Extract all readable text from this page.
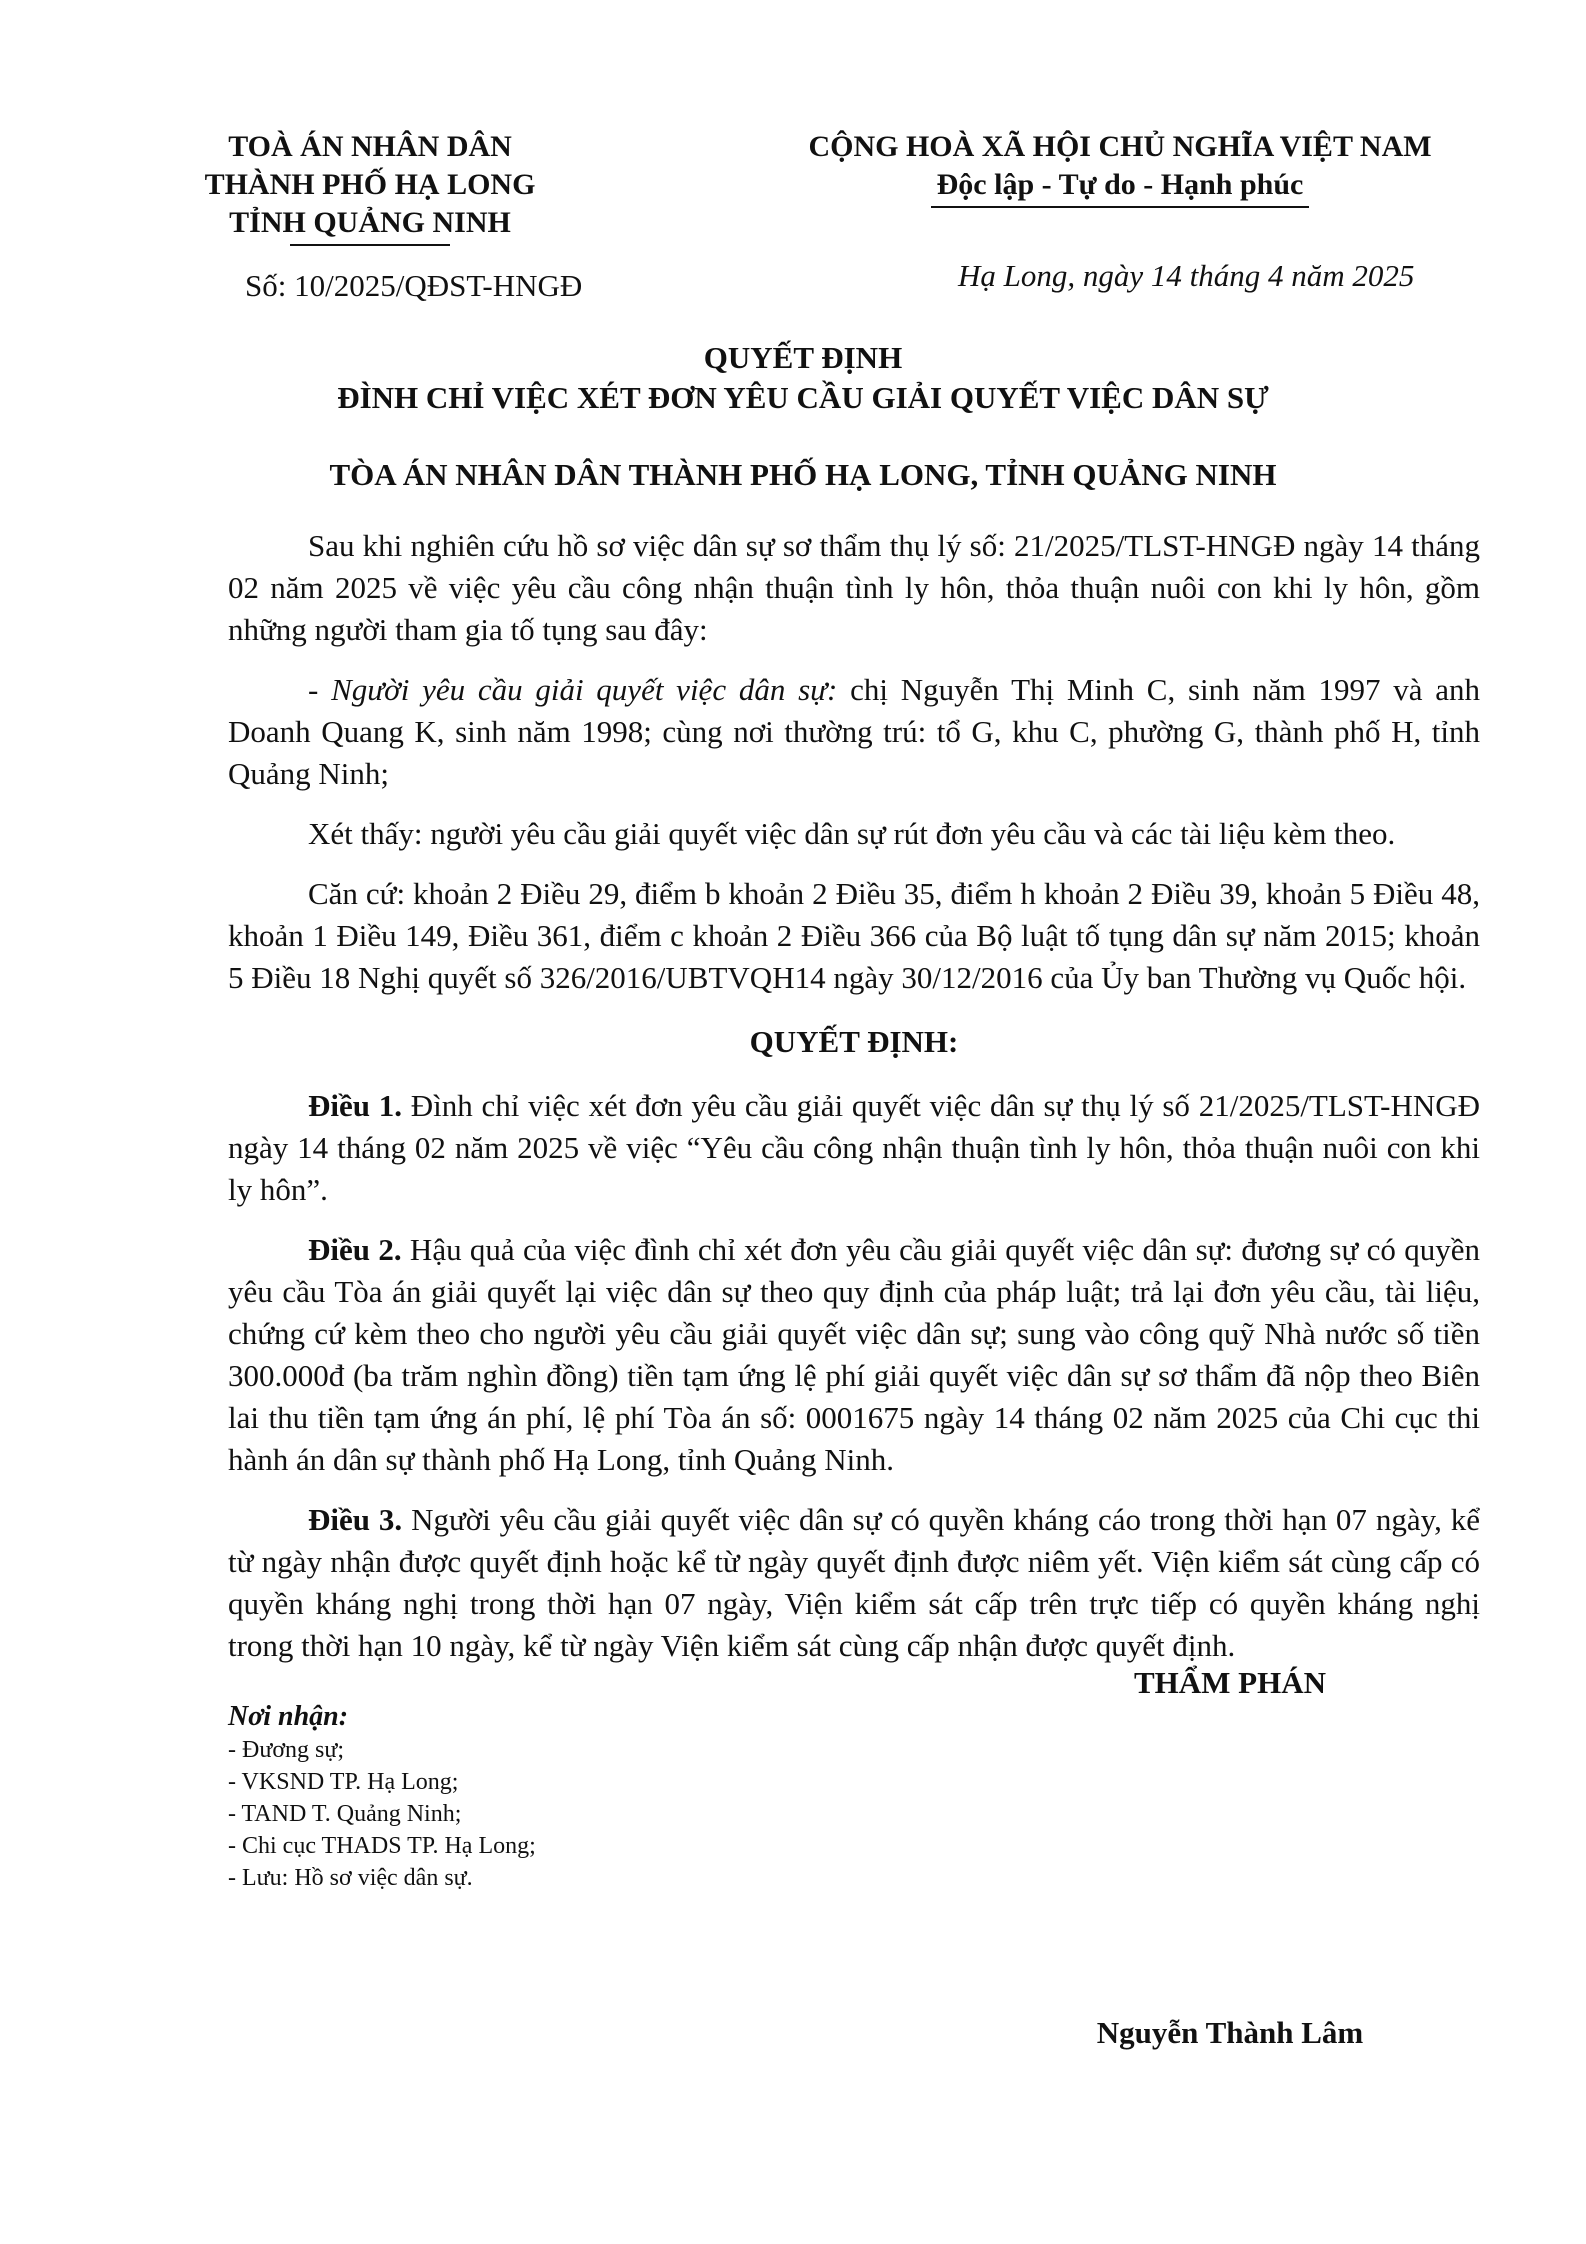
TOÀ ÁN NHÂN DÂN
THÀNH PHỐ HẠ LONG
TỈNH QUẢNG NINH
CỘNG HOÀ XÃ HỘI CHỦ NGHĨA VIỆT NAM
Độc lập - Tự do - Hạnh phúc
Số: 10/2025/QĐST-HNGĐ	Hạ Long, ngày 14 tháng 4 năm 2025
QUYẾT ĐỊNH
ĐÌNH CHỈ VIỆC XÉT ĐƠN YÊU CẦU GIẢI QUYẾT VIỆC DÂN SỰ
TÒA ÁN NHÂN DÂN THÀNH PHỐ HẠ LONG, TỈNH QUẢNG NINH

Sau khi nghiên cứu hồ sơ việc dân sự sơ thẩm thụ lý số: 21/2025/TLST-HNGĐ ngày 14 tháng 02 năm 2025 về việc yêu cầu công nhận thuận tình ly hôn, thỏa thuận nuôi con khi ly hôn, gồm những người tham gia tố tụng sau đây:

- Người yêu cầu giải quyết việc dân sự: chị Nguyễn Thị Minh C, sinh năm 1997 và anh Doanh Quang K, sinh năm 1998; cùng nơi thường trú: tổ G, khu C, phường G, thành phố H, tỉnh Quảng Ninh;

Xét thấy: người yêu cầu giải quyết việc dân sự rút đơn yêu cầu và các tài liệu kèm theo.

Căn cứ: khoản 2 Điều 29, điểm b khoản 2 Điều 35, điểm h khoản 2 Điều 39, khoản 5 Điều 48, khoản 1 Điều 149, Điều 361, điểm c khoản 2 Điều 366 của Bộ luật tố tụng dân sự năm 2015; khoản 5 Điều 18 Nghị quyết số 326/2016/UBTVQH14 ngày 30/12/2016 của Ủy ban Thường vụ Quốc hội.

QUYẾT ĐỊNH:

Điều 1. Đình chỉ việc xét đơn yêu cầu giải quyết việc dân sự thụ lý số 21/2025/TLST-HNGĐ ngày 14 tháng 02 năm 2025 về việc “Yêu cầu công nhận thuận tình ly hôn, thỏa thuận nuôi con khi ly hôn”.

Điều 2. Hậu quả của việc đình chỉ xét đơn yêu cầu giải quyết việc dân sự: đương sự có quyền yêu cầu Tòa án giải quyết lại việc dân sự theo quy định của pháp luật; trả lại đơn yêu cầu, tài liệu, chứng cứ kèm theo cho người yêu cầu giải quyết việc dân sự; sung vào công quỹ Nhà nước số tiền 300.000đ (ba trăm nghìn đồng) tiền tạm ứng lệ phí giải quyết việc dân sự sơ thẩm đã nộp theo Biên lai thu tiền tạm ứng án phí, lệ phí Tòa án số: 0001675 ngày 14 tháng 02 năm 2025 của Chi cục thi hành án dân sự thành phố Hạ Long, tỉnh Quảng Ninh.

Điều 3. Người yêu cầu giải quyết việc dân sự có quyền kháng cáo trong thời hạn 07 ngày, kể từ ngày nhận được quyết định hoặc kể từ ngày quyết định được niêm yết. Viện kiểm sát cùng cấp có quyền kháng nghị trong thời hạn 07 ngày, Viện kiểm sát cấp trên trực tiếp có quyền kháng nghị trong thời hạn 10 ngày, kể từ ngày Viện kiểm sát cùng cấp nhận được quyết định.

Nơi nhận:
- Đương sự;
- VKSND TP. Hạ Long;
- TAND T. Quảng Ninh;
- Chi cục THADS TP. Hạ Long;
- Lưu: Hồ sơ việc dân sự.
THẨM PHÁN
Nguyễn Thành Lâm
